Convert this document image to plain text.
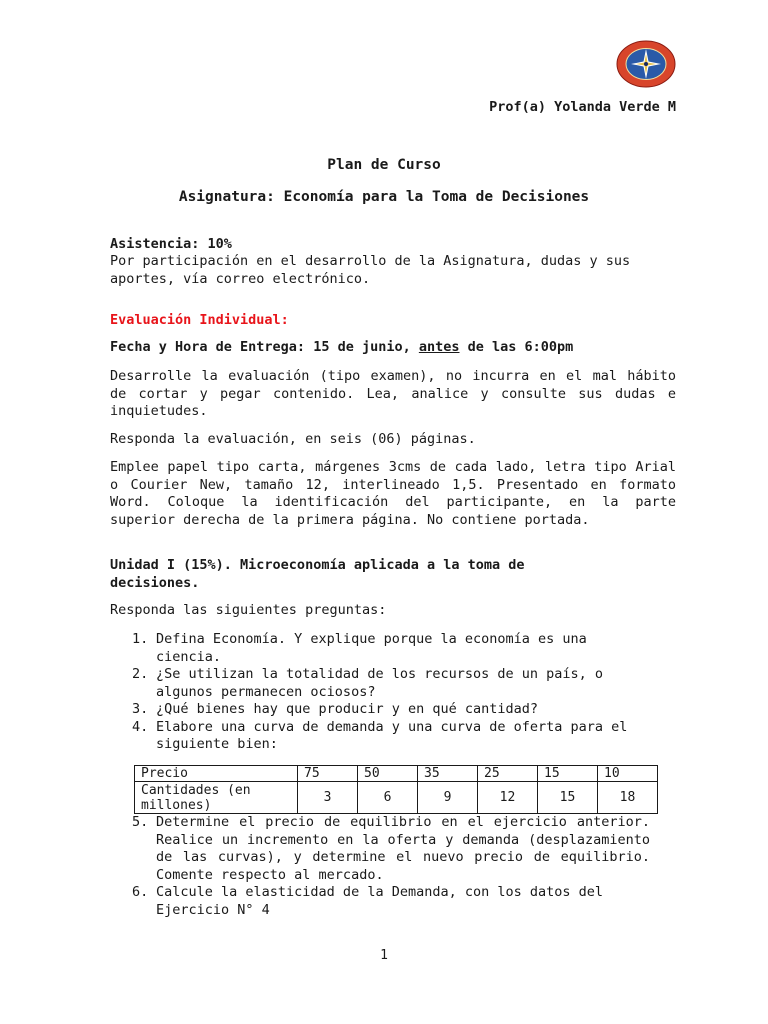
Prof(a) Yolanda Verde M
Plan de Curso
Asignatura: Economía para la Toma de Decisiones
Asistencia: 10%
Por participación en el desarrollo de la Asignatura, dudas y sus aportes, vía correo electrónico.
Evaluación Individual:
Fecha y Hora de Entrega: 15 de junio, antes de las 6:00pm
Desarrolle la evaluación (tipo examen), no incurra en el mal hábito de cortar y pegar contenido. Lea, analice y consulte sus dudas e inquietudes.
Responda la evaluación, en seis (06) páginas.
Emplee papel tipo carta, márgenes 3cms de cada lado, letra tipo Arial o Courier New, tamaño 12, interlineado 1,5. Presentado en formato Word. Coloque la identificación del participante, en la parte superior derecha de la primera página. No contiene portada.
Unidad I (15%). Microeconomía aplicada a la toma de decisiones.
Responda las siguientes preguntas:
1. Defina Economía. Y explique porque la economía es una ciencia.
2. ¿Se utilizan la totalidad de los recursos de un país, o algunos permanecen ociosos?
3. ¿Qué bienes hay que producir y en qué cantidad?
4. Elabore una curva de demanda y una curva de oferta para el siguiente bien:
Precio	75	50	35	25	15	10
Cantidades (en millones)	3	6	9	12	15	18
5. Determine el precio de equilibrio en el ejercicio anterior. Realice un incremento en la oferta y demanda (desplazamiento de las curvas), y determine el nuevo precio de equilibrio. Comente respecto al mercado.
6. Calcule la elasticidad de la Demanda, con los datos del Ejercicio N° 4
1
